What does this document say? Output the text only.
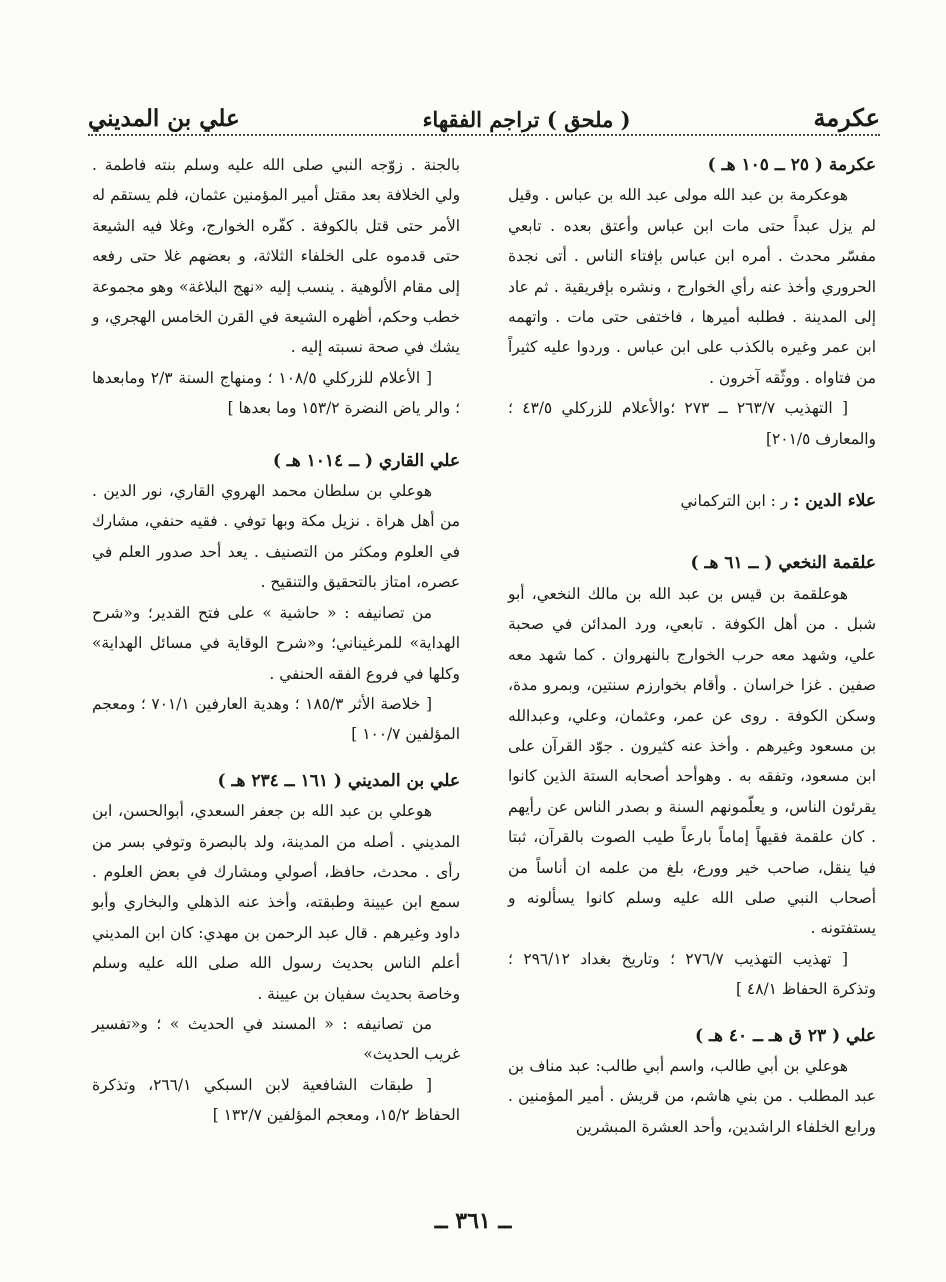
عكرمة
( ملحق ) تراجم الفقهاء
علي بن المديني
عكرمة ( ٢٥ ــ ١٠٥ هـ )

هوعكرمة بن عبد الله مولى عبد الله بن عباس . وقيل لم يزل عبداً حتى مات ابن عباس وأعتق بعده . تابعي مفسّر محدث . أمره ابن عباس بإفتاء الناس . أتى نجدة الحروري وأخذ عنه رأي الخوارج ، ونشره بإفريقية . ثم عاد إلى المدينة . فطلبه أميرها ، فاختفى حتى مات . واتهمه ابن عمر وغيره بالكذب على ابن عباس . وردوا عليه كثيراً من فتاواه . ووثّقه آخرون .

[ التهذيب ٢٦٣/٧ ــ ٢٧٣ ؛والأعلام للزركلي ٤٣/٥ ؛ والمعارف ٢٠١/٥]

علاء الدين : ر : ابن التركماني
علقمة النخعي ( ــ ٦١ هـ )

هوعلقمة بن قيس بن عبد الله بن مالك النخعي، أبو شبل . من أهل الكوفة . تابعي، ورد المدائن في صحبة علي، وشهد معه حرب الخوارج بالنهروان . كما شهد معه صفين . غزا خراسان . وأقام بخوارزم سنتين، وبمرو مدة، وسكن الكوفة . روى عن عمر، وعثمان، وعلي، وعبدالله بن مسعود وغيرهم . وأخذ عنه كثيرون . جوّد القرآن على ابن مسعود، وتفقه به . وهوأحد أصحابه الستة الذين كانوا يقرئون الناس، و يعلّمونهم السنة و بصدر الناس عن رأيهم . كان علقمة فقيهاً إماماً بارعاً طيب الصوت بالقرآن، ثبتا فيا ينقل، صاحب خير وورع، بلغ من علمه ان أناساً من أصحاب النبي صلى الله عليه وسلم كانوا يسألونه و يستفتونه .

[ تهذيب التهذيب ٢٧٦/٧ ؛ وتاريخ بغداد ٢٩٦/١٢ ؛ وتذكرة الحفاظ ٤٨/١ ]

علي ( ٢٣ ق هـ ــ ٤٠ هـ )

هوعلي بن أبي طالب، واسم أبي طالب: عبد مناف بن عبد المطلب . من بني هاشم، من قريش . أمير المؤمنين . ورابع الخلفاء الراشدين، وأحد العشرة المبشرين

بالجنة . زوّجه النبي صلى الله عليه وسلم بنته فاطمة . ولي الخلافة بعد مقتل أمير المؤمنين عثمان، فلم يستقم له الأمر حتى قتل بالكوفة . كفّره الخوارج، وغلا فيه الشيعة حتى قدموه على الخلفاء الثلاثة، و بعضهم غلا حتى رفعه إلى مقام الألوهية . ينسب إليه «نهج البلاغة» وهو مجموعة خطب وحكم، أظهره الشيعة في القرن الخامس الهجري، و يشك في صحة نسبته إليه .

[ الأعلام للزركلي ١٠٨/٥ ؛ ومنهاج السنة ٢/٣ ومابعدها ؛ والر ياض النضرة ١٥٣/٢ وما بعدها ]

علي القاري ( ــ ١٠١٤ هـ )

هوعلي بن سلطان محمد الهروي القاري، نور الدين . من أهل هراة . نزيل مكة وبها توفي . فقيه حنفي، مشارك في العلوم ومكثر من التصنيف . يعد أحد صدور العلم في عصره، امتاز بالتحقيق والتنقيح .

من تصانيفه : « حاشية » على فتح القدير؛ و«شرح الهداية» للمرغيناني؛ و«شرح الوقاية في مسائل الهداية» وكلها في فروع الفقه الحنفي .

[ خلاصة الأثر ١٨٥/٣ ؛ وهدية العارفين ٧٠١/١ ؛ ومعجم المؤلفين ١٠٠/٧ ]

علي بن المديني ( ١٦١ ــ ٢٣٤ هـ )

هوعلي بن عبد الله بن جعفر السعدي، أبوالحسن، ابن المديني . أصله من المدينة، ولد بالبصرة وتوفي بسر من رأى . محدث، حافظ، أصولي ومشارك في بعض العلوم . سمع ابن عيينة وطبقته، وأخذ عنه الذهلي والبخاري وأبو داود وغيرهم . قال عبد الرحمن بن مهدي: كان ابن المديني أعلم الناس بحديث رسول الله صلى الله عليه وسلم وخاصة بحديث سفيان بن عيينة .

من تصانيفه : « المسند في الحديث » ؛ و«تفسير غريب الحديث»

[ طبقات الشافعية لابن السبكي ٢٦٦/١، وتذكرة الحفاظ ١٥/٢، ومعجم المؤلفين ١٣٢/٧ ]

ــ ٣٦١ ــ
